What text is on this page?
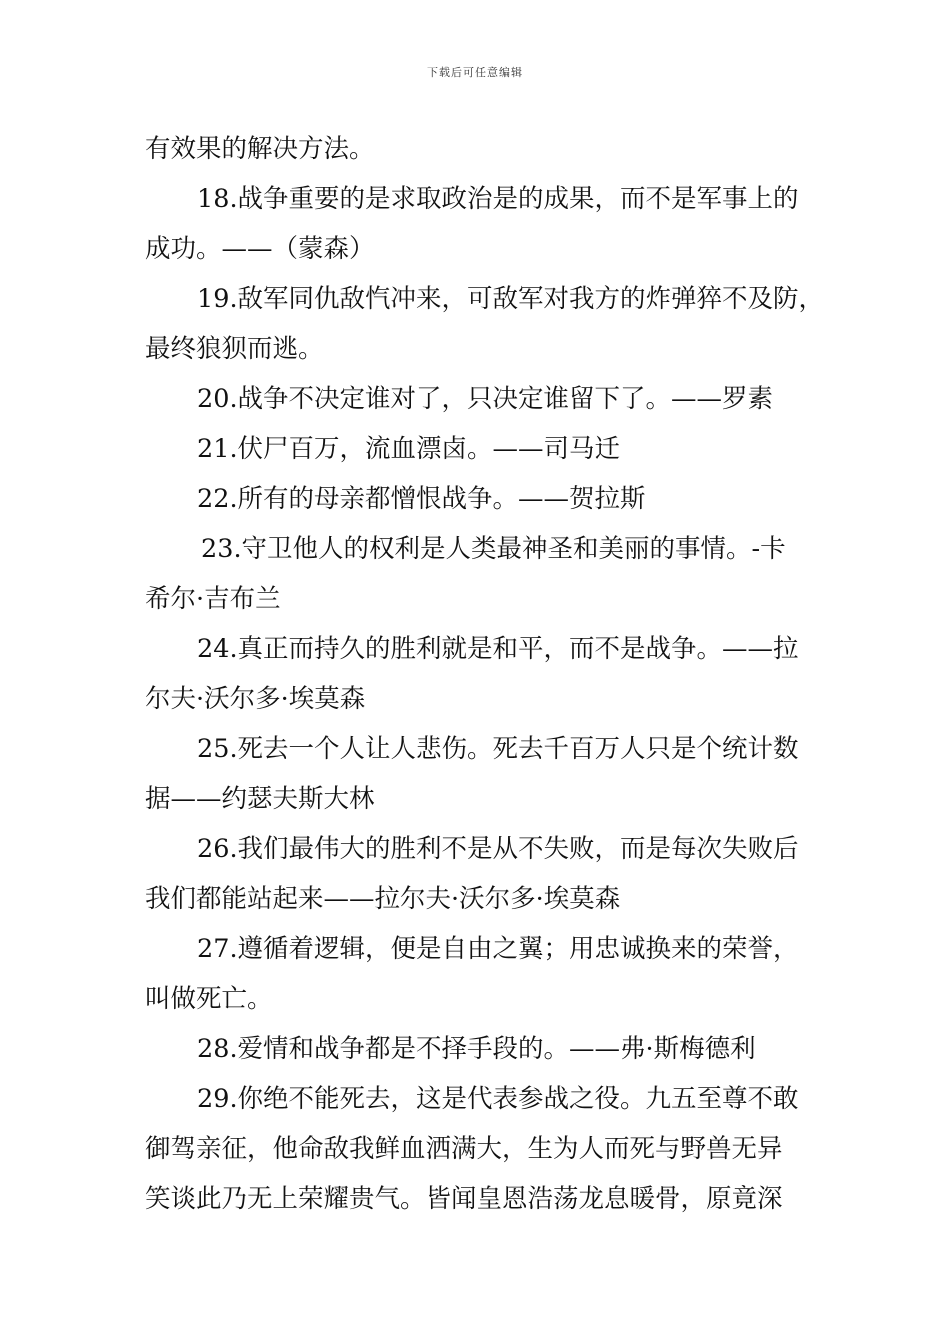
下载后可任意编辑
有效果的解决方法。
18.战争重要的是求取政治是的成果，而不是军事上的
成功。——（蒙森）
19.敌军同仇敌忾冲来，可敌军对我方的炸弹猝不及防，
最终狼狈而逃。
20.战争不决定谁对了，只决定谁留下了。——罗素
21.伏尸百万，流血漂卤。——司马迁
22.所有的母亲都憎恨战争。——贺拉斯
23.守卫他人的权利是人类最神圣和美丽的事情。-卡
希尔·吉布兰
24.真正而持久的胜利就是和平，而不是战争。——拉
尔夫·沃尔多·埃莫森
25.死去一个人让人悲伤。死去千百万人只是个统计数
据——约瑟夫斯大林
26.我们最伟大的胜利不是从不失败，而是每次失败后
我们都能站起来——拉尔夫·沃尔多·埃莫森
27.遵循着逻辑，便是自由之翼；用忠诚换来的荣誉，
叫做死亡。
28.爱情和战争都是不择手段的。——弗·斯梅德利
29.你绝不能死去，这是代表参战之役。九五至尊不敢
御驾亲征，他命敌我鲜血洒满大，生为人而死与野兽无异
笑谈此乃无上荣耀贵气。皆闻皇恩浩荡龙息暖骨，原竟深
